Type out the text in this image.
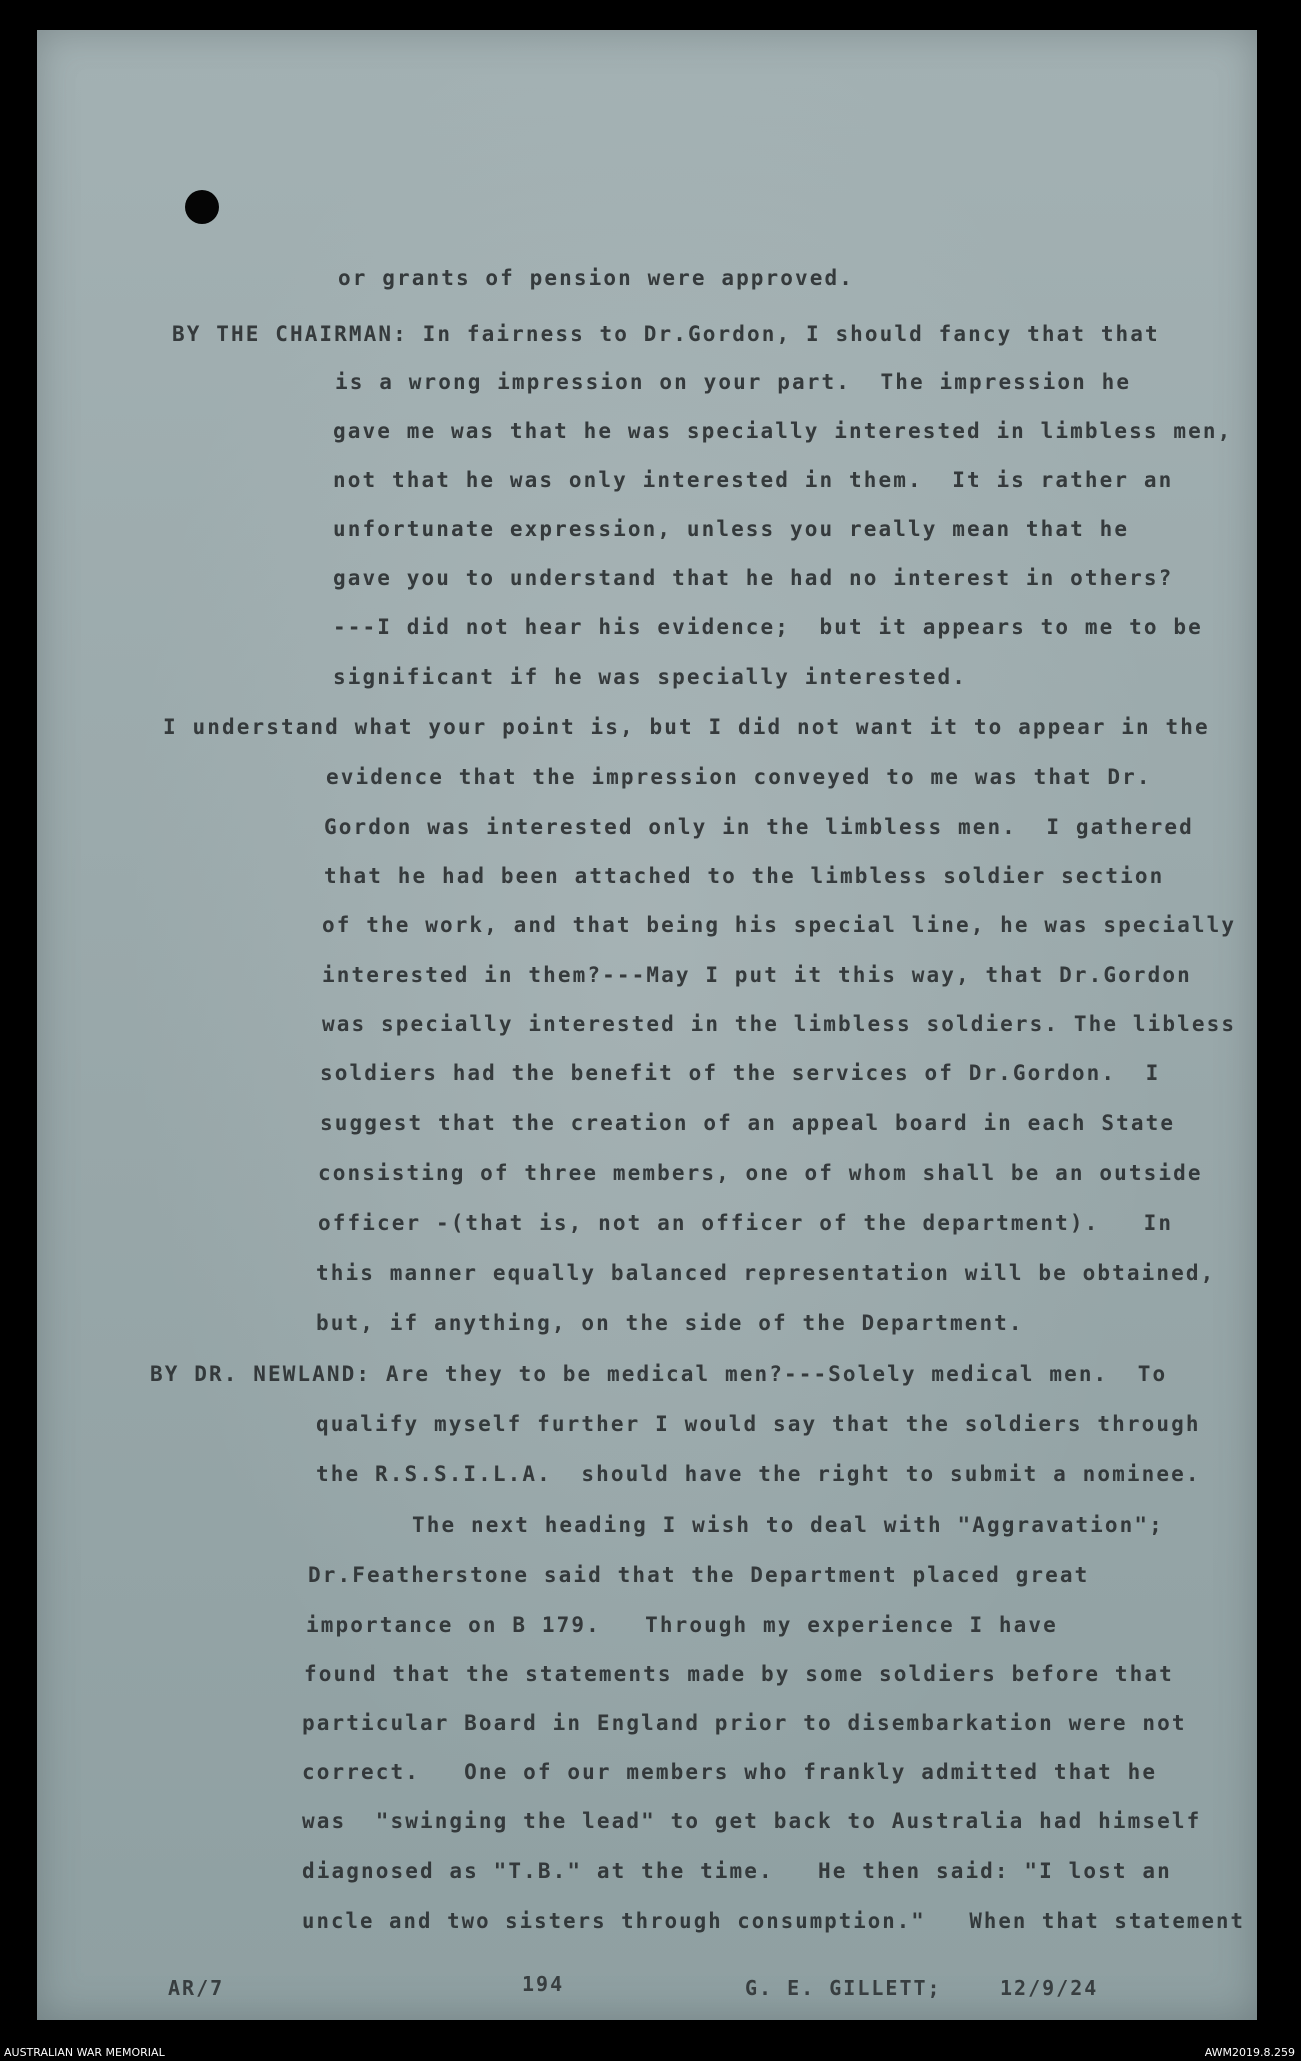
or grants of pension were approved.
BY THE CHAIRMAN: In fairness to Dr.Gordon, I should fancy that that
is a wrong impression on your part.  The impression he
gave me was that he was specially interested in limbless men,
not that he was only interested in them.  It is rather an
unfortunate expression, unless you really mean that he
gave you to understand that he had no interest in others?
---I did not hear his evidence;  but it appears to me to be
significant if he was specially interested.
I understand what your point is, but I did not want it to appear in the
evidence that the impression conveyed to me was that Dr.
Gordon was interested only in the limbless men.  I gathered
that he had been attached to the limbless soldier section
of the work, and that being his special line, he was specially
interested in them?---May I put it this way, that Dr.Gordon
was specially interested in the limbless soldiers. The libless
soldiers had the benefit of the services of Dr.Gordon.  I
suggest that the creation of an appeal board in each State
consisting of three members, one of whom shall be an outside
officer -(that is, not an officer of the department).   In
this manner equally balanced representation will be obtained,
but, if anything, on the side of the Department.
BY DR. NEWLAND: Are they to be medical men?---Solely medical men.  To
qualify myself further I would say that the soldiers through
the R.S.S.I.L.A.  should have the right to submit a nominee.
The next heading I wish to deal with "Aggravation";
Dr.Featherstone said that the Department placed great
importance on B 179.   Through my experience I have
found that the statements made by some soldiers before that
particular Board in England prior to disembarkation were not
correct.   One of our members who frankly admitted that he
was  "swinging the lead" to get back to Australia had himself
diagnosed as "T.B." at the time.   He then said: "I lost an
uncle and two sisters through consumption."   When that statement
AR/7	194	G. E. GILLETT;	12/9/24
AUSTRALIAN WAR MEMORIAL	AWM2019.8.259
